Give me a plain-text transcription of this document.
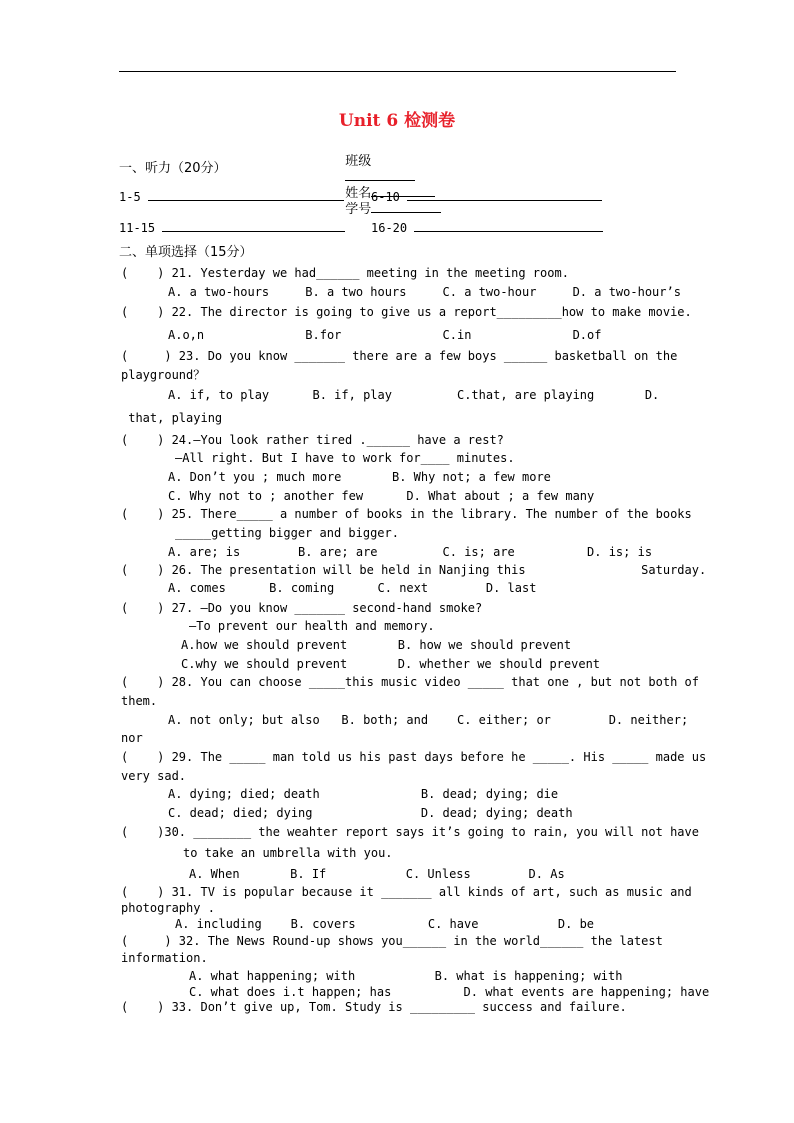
Unit 6 检测卷

班级

姓名
学号

一、听力（20分）
1-5	6-10
11-15	16-20
二、单项选择（15分）
(    ) 21. Yesterday we had______ meeting in the meeting room.
A. a two-hours     B. a two hours     C. a two-hour     D. a two-hour’s
(    ) 22. The director is going to give us a report_________how to make movie.
A.o,n              B.for              C.in              D.of
(     ) 23. Do you know _______ there are a few boys ______ basketball on the
playground？
A. if, to play      B. if, play         C.that, are playing       D.
that, playing
(    ) 24.—You look rather tired .______ have a rest?
—All right. But I have to work for____ minutes.
A. Don’t you ; much more       B. Why not; a few more
C. Why not to ; another few      D. What about ; a few many
(    ) 25. There_____ a number of books in the library. The number of the books
_____getting bigger and bigger.
A. are; is        B. are; are         C. is; are          D. is; is
(    ) 26. The presentation will be held in Nanjing this                Saturday.
A. comes      B. coming      C. next        D. last
(    ) 27. —Do you know _______ second-hand smoke?
—To prevent our health and memory.
A.how we should prevent       B. how we should prevent
C.why we should prevent       D. whether we should prevent
(    ) 28. You can choose _____this music video _____ that one , but not both of
them.
A. not only; but also   B. both; and    C. either; or        D. neither;
nor
(    ) 29. The _____ man told us his past days before he _____. His _____ made us
very sad.
A. dying; died; death              B. dead; dying; die
C. dead; died; dying               D. dead; dying; death
(    )30. ________ the weahter report says it’s going to rain, you will not have
to take an umbrella with you.
A. When       B. If           C. Unless        D. As
(    ) 31. TV is popular because it _______ all kinds of art, such as music and
photography .
A. including    B. covers          C. have           D. be
(     ) 32. The News Round-up shows you______ in the world______ the latest
information.
A. what happening; with           B. what is happening; with
C. what does i.t happen; has          D. what events are happening; have
(    ) 33. Don’t give up, Tom. Study is _________ success and failure.
